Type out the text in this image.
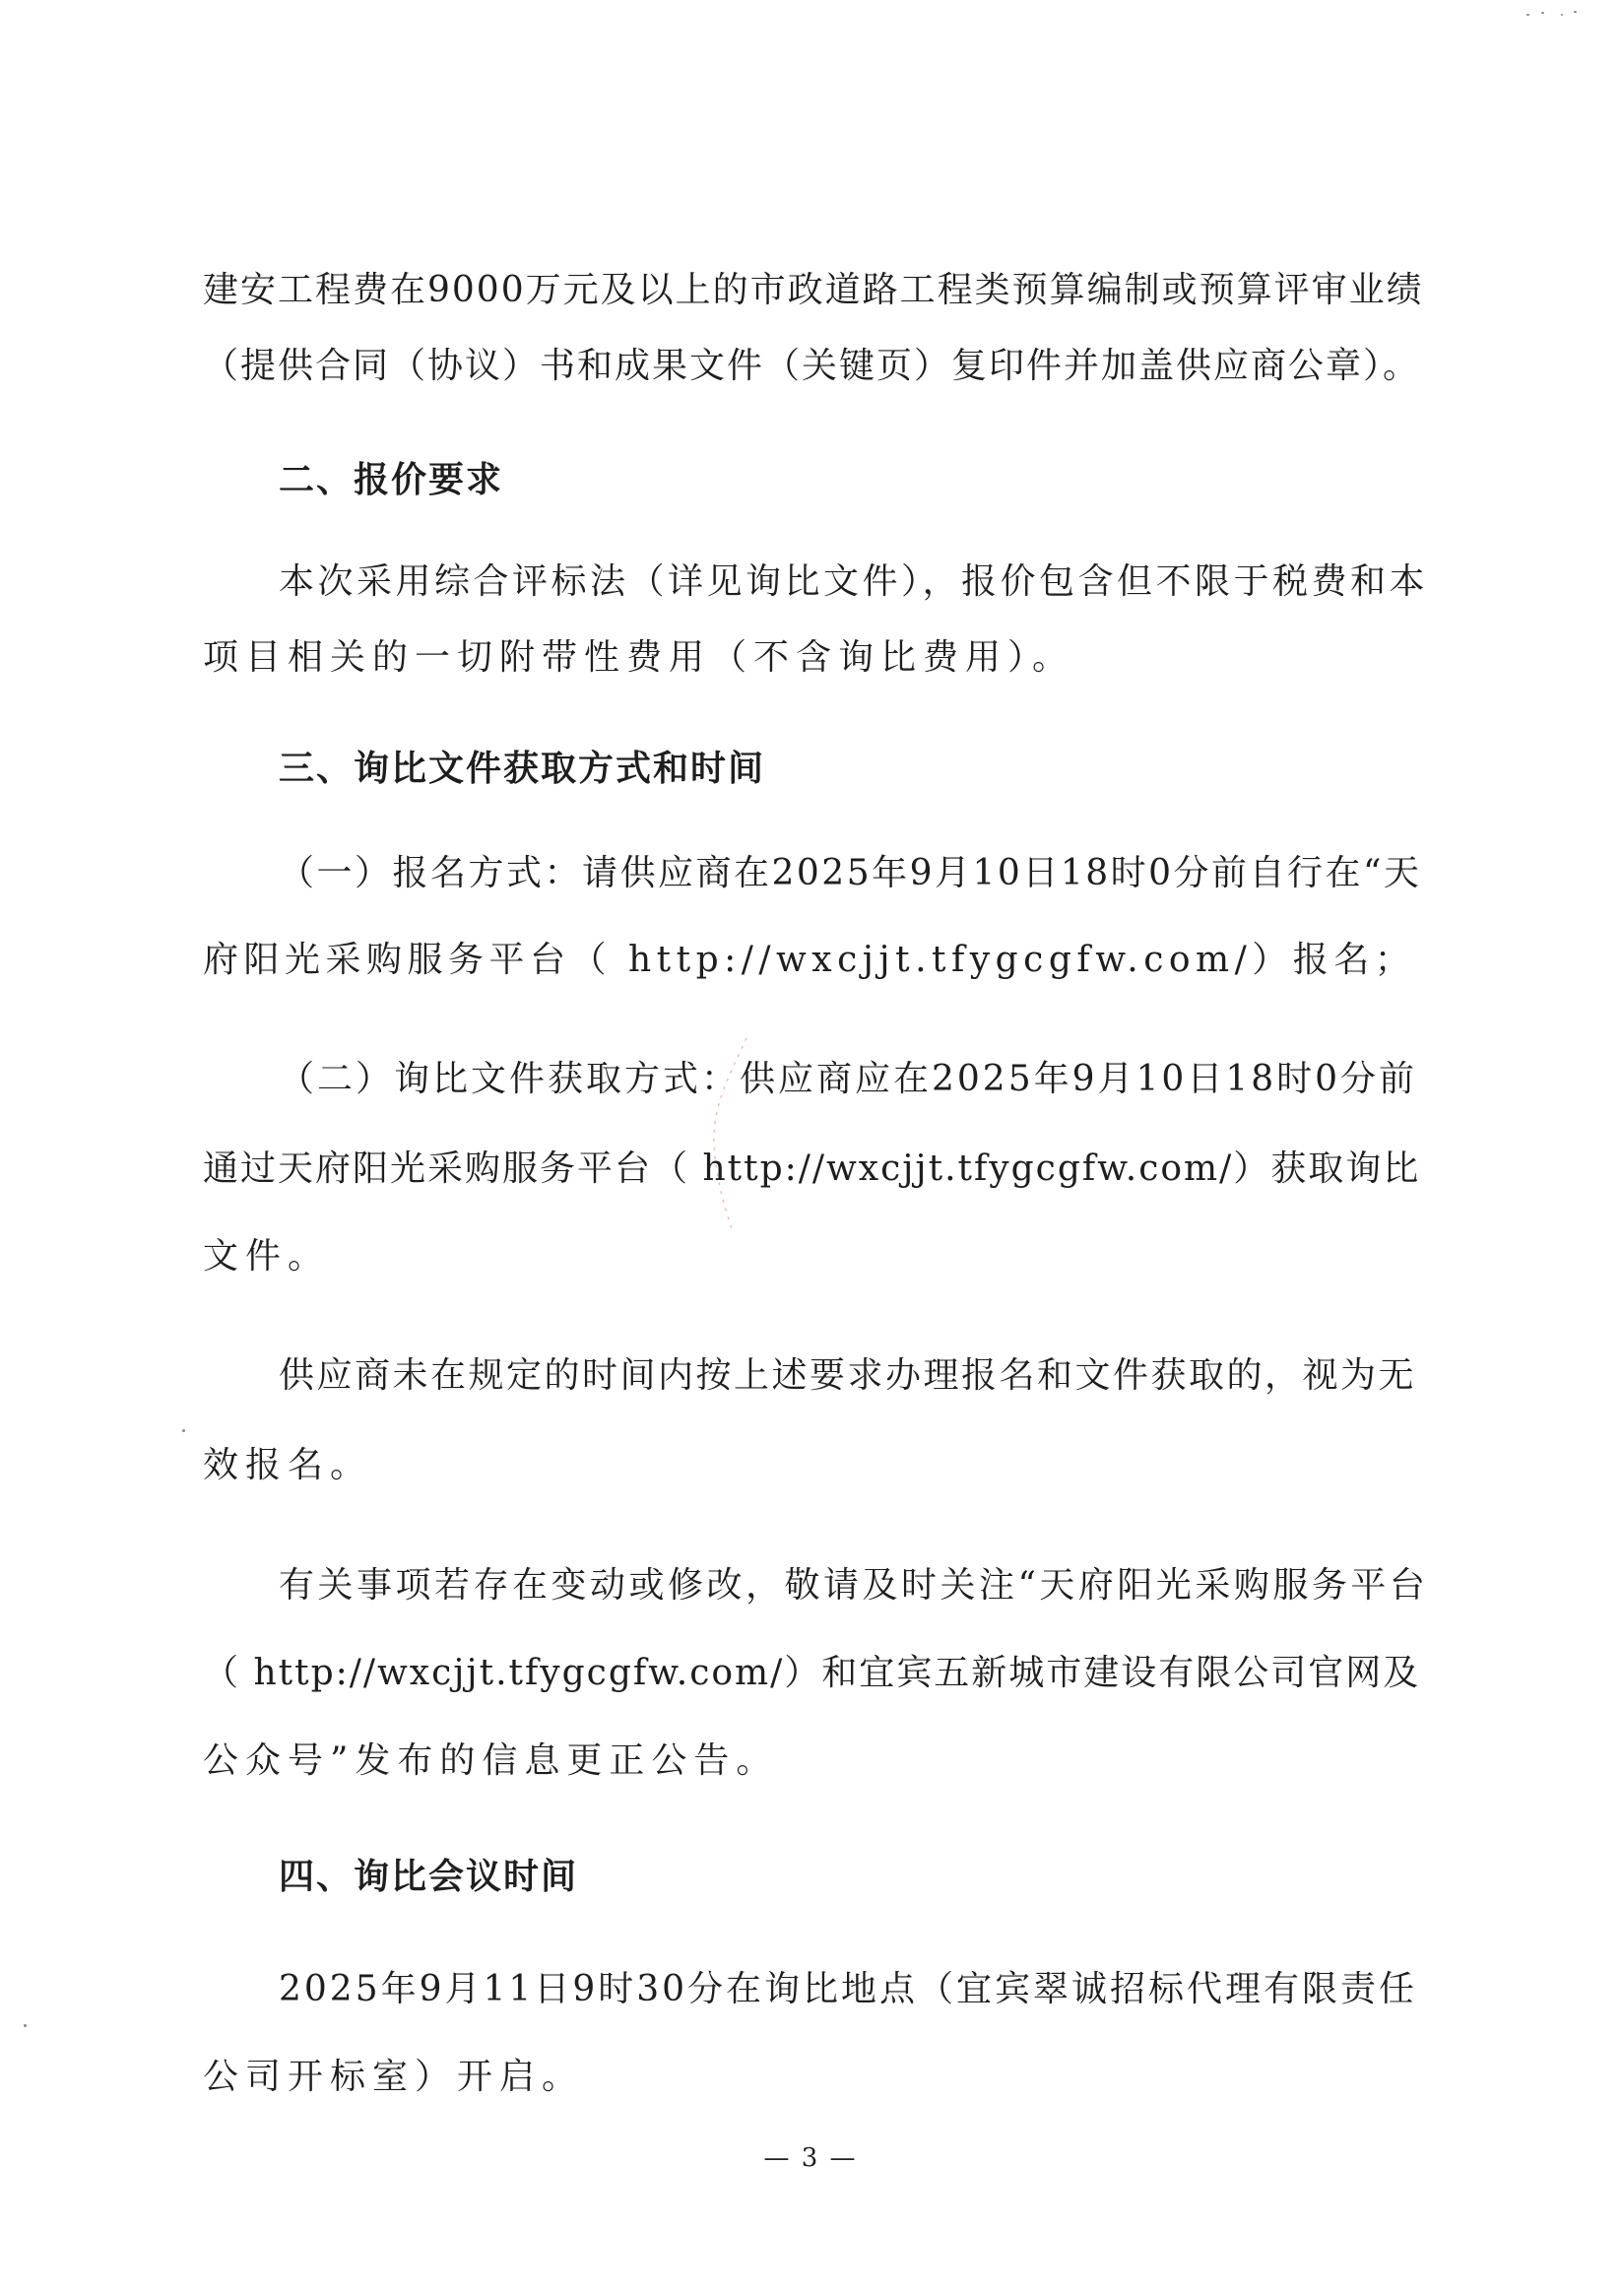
建安工程费在9000万元及以上的市政道路工程类预算编制或预算评审业绩
（提供合同（协议）书和成果文件（关键页）复印件并加盖供应商公章）。
二、报价要求
本次采用综合评标法（详见询比文件），报价包含但不限于税费和本
项目相关的一切附带性费用（不含询比费用）。
三、询比文件获取方式和时间
（一）报名方式：请供应商在2025年9月10日18时0分前自行在“天
府阳光采购服务平台（ http://wxcjjt.tfygcgfw.com/）报名；
（二）询比文件获取方式：供应商应在2025年9月10日18时0分前
通过天府阳光采购服务平台（ http://wxcjjt.tfygcgfw.com/）获取询比
文件。
供应商未在规定的时间内按上述要求办理报名和文件获取的，视为无
效报名。
有关事项若存在变动或修改，敬请及时关注“天府阳光采购服务平台
（ http://wxcjjt.tfygcgfw.com/）和宜宾五新城市建设有限公司官网及
公众号”发布的信息更正公告。
四、询比会议时间
2025年9月11日9时30分在询比地点（宜宾翠诚招标代理有限责任
公司开标室）开启。
— 3 —
